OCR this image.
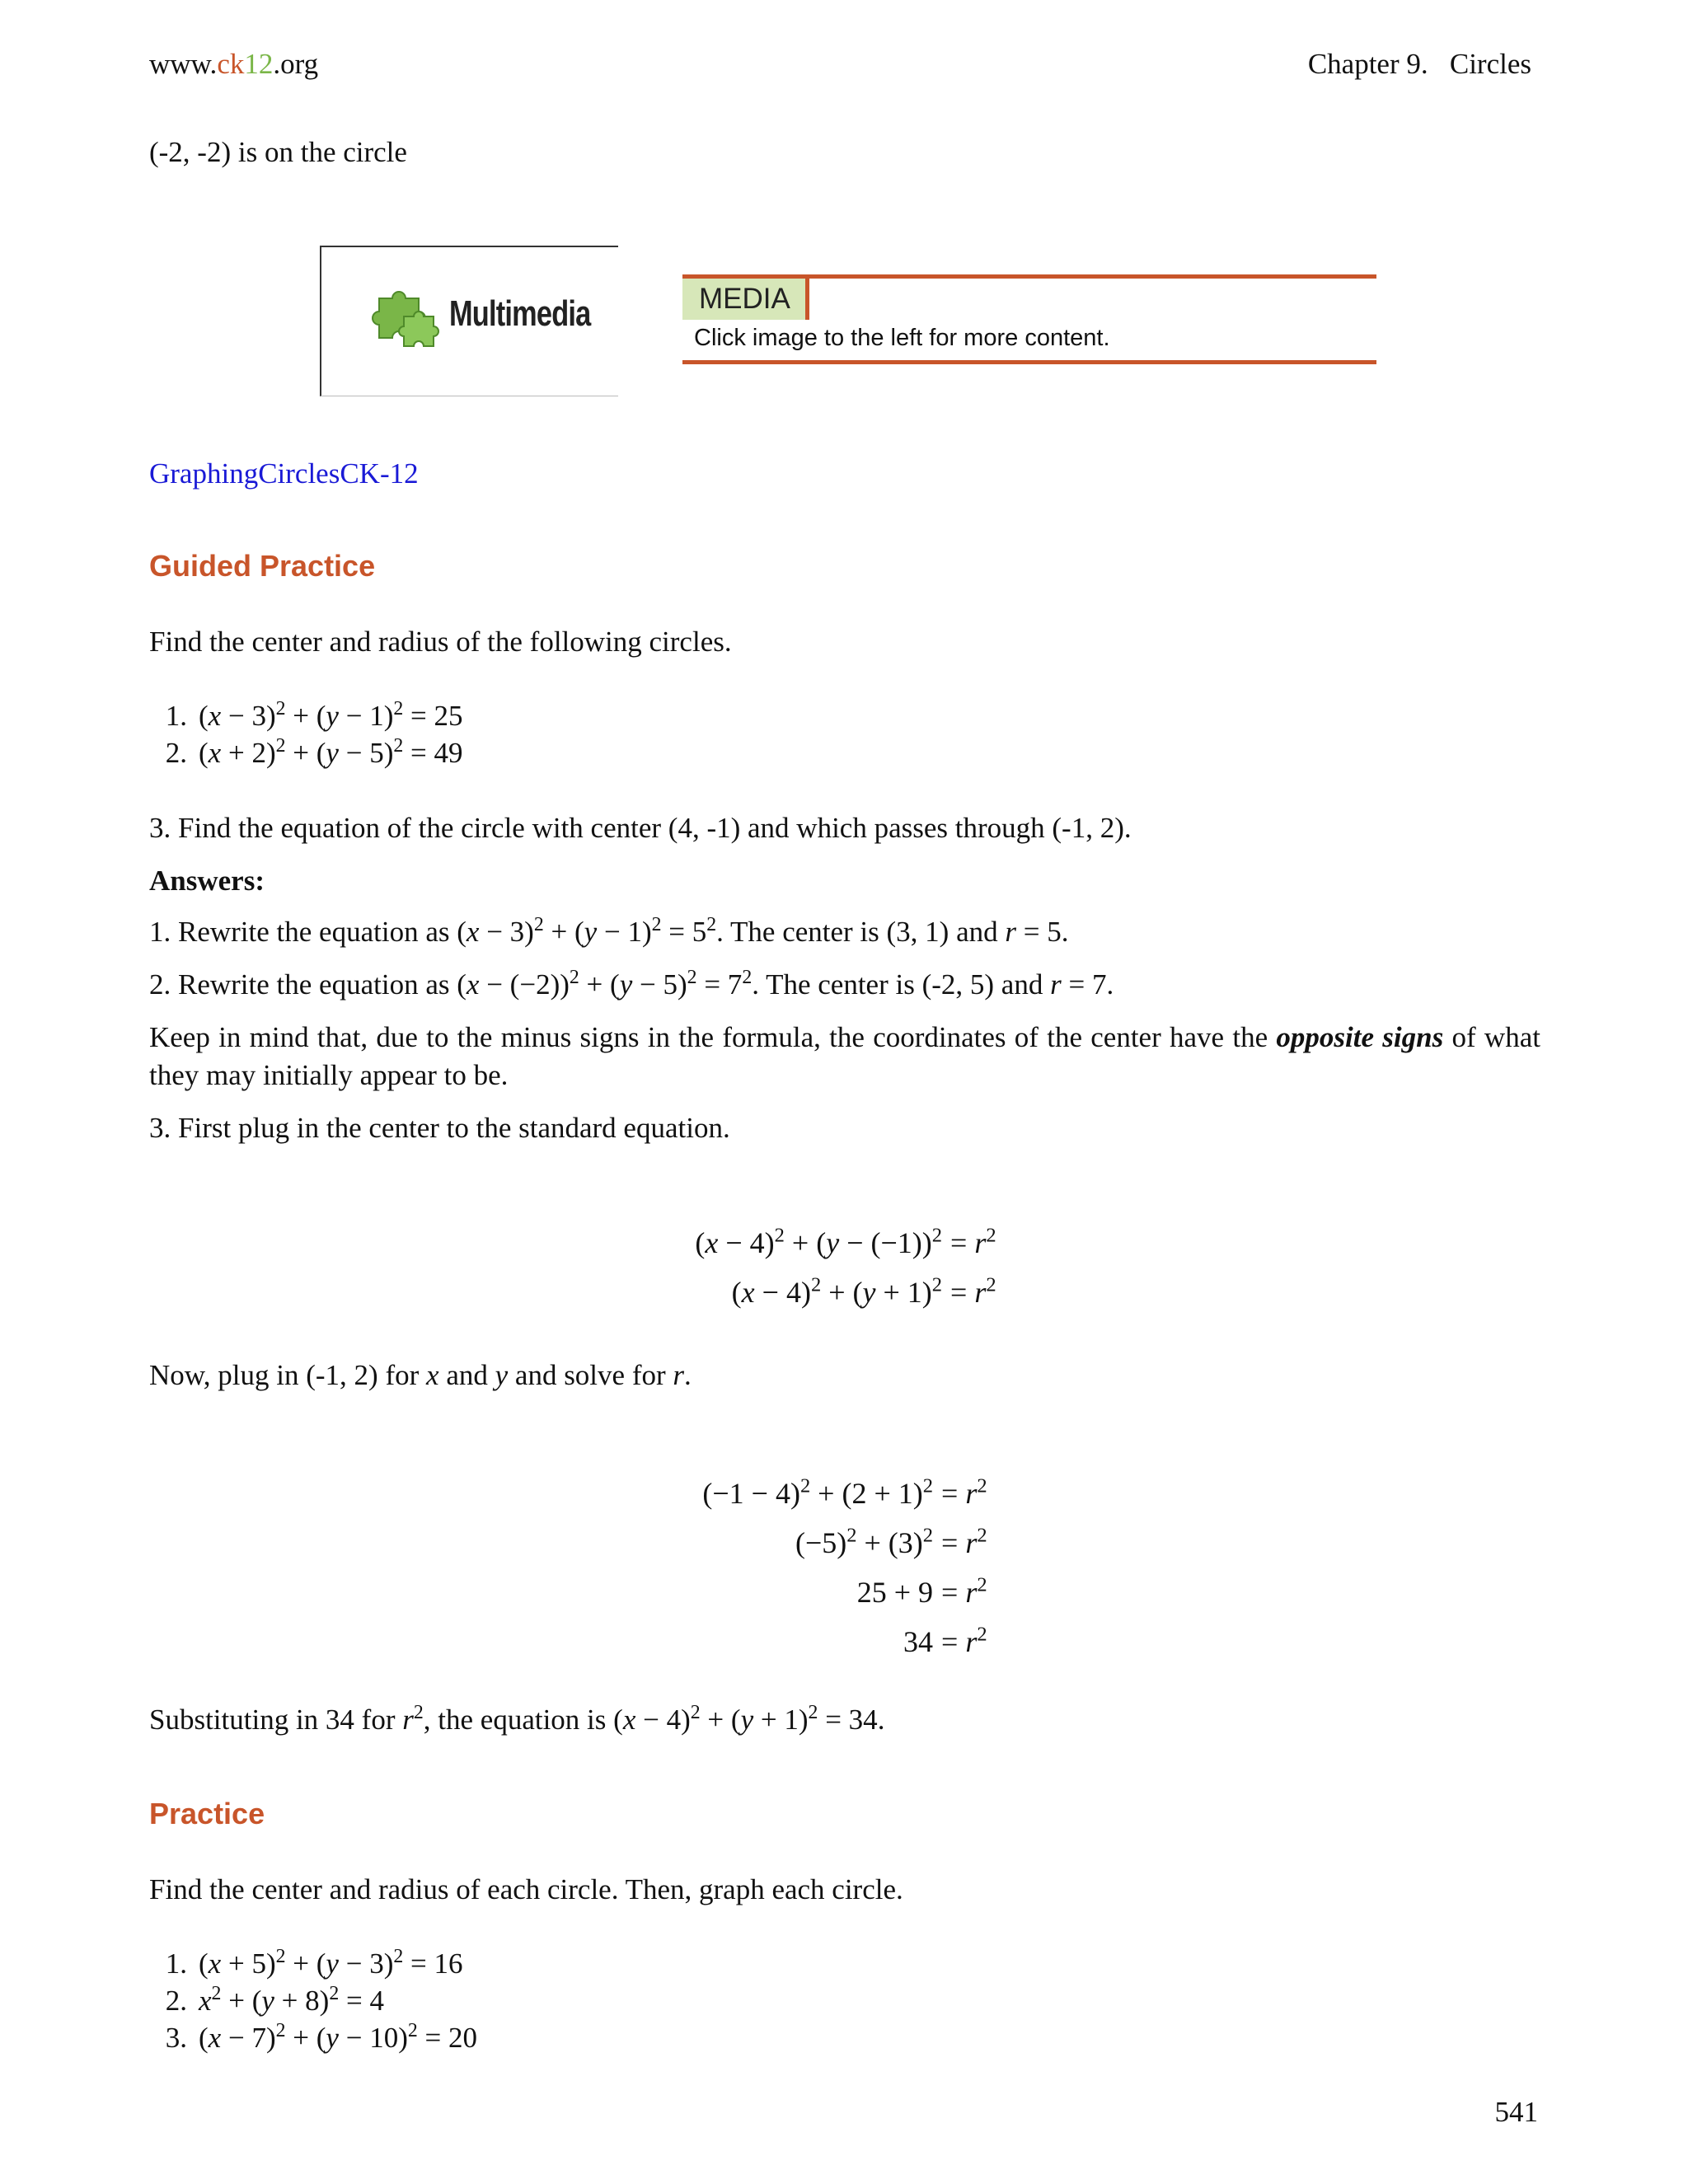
www.ck12.org	Chapter 9.   Circles
(-2, -2) is on the circle
Multimedia	MEDIA
Click image to the left for more content.
GraphingCirclesCK-12
Guided Practice
Find the center and radius of the following circles.
1. $(x - 3)^2 + (y - 1)^2 = 25$
2. $(x + 2)^2 + (y - 5)^2 = 49$
3. Find the equation of the circle with center (4, -1) and which passes through (-1, 2).
Answers:
1. Rewrite the equation as $(x - 3)^2 + (y - 1)^2 = 5^2$. The center is (3, 1) and r = 5.
2. Rewrite the equation as $(x - (-2))^2 + (y - 5)^2 = 7^2$. The center is (-2, 5) and r = 7.
Keep in mind that, due to the minus signs in the formula, the coordinates of the center have the opposite signs of what they may initially appear to be.
3. First plug in the center to the standard equation.
$(x - 4)^2 + (y - (-1))^2 = r^2$
$(x - 4)^2 + (y + 1)^2 = r^2$
Now, plug in (-1, 2) for x and y and solve for r.
$(-1 - 4)^2 + (2 + 1)^2 = r^2$
$(-5)^2 + (3)^2 = r^2$
$25 + 9 = r^2$
$34 = r^2$
Substituting in 34 for $r^2$, the equation is $(x - 4)^2 + (y + 1)^2 = 34$.
Practice
Find the center and radius of each circle. Then, graph each circle.
1. $(x + 5)^2 + (y - 3)^2 = 16$
2. $x^2 + (y + 8)^2 = 4$
3. $(x - 7)^2 + (y - 10)^2 = 20$
541
